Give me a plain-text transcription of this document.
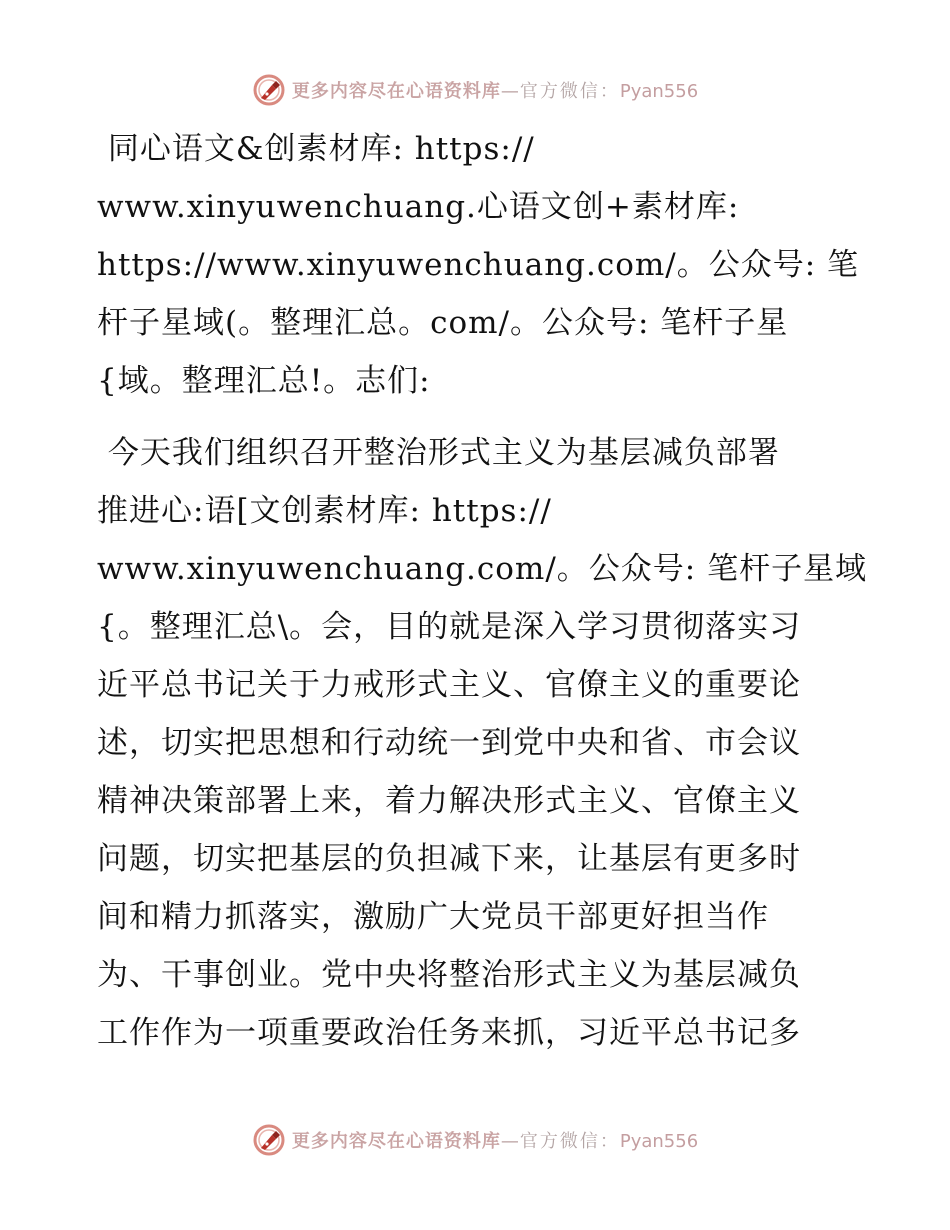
更多内容尽在心语资料库—官方微信：Pyan556
同心语文&创素材库: https://
www.xinyuwenchuang.心语文创+素材库:
https://www.xinyuwenchuang.com/。公众号: 笔
杆子星域(。整理汇总。com/。公众号: 笔杆子星
{域。整理汇总!。志们:
今天我们组织召开整治形式主义为基层减负部署
推进心:语[文创素材库: https://
www.xinyuwenchuang.com/。公众号: 笔杆子星域
{。整理汇总\。会，目的就是深入学习贯彻落实习
近平总书记关于力戒形式主义、官僚主义的重要论
述，切实把思想和行动统一到党中央和省、市会议
精神决策部署上来，着力解决形式主义、官僚主义
问题，切实把基层的负担减下来，让基层有更多时
间和精力抓落实，激励广大党员干部更好担当作
为、干事创业。党中央将整治形式主义为基层减负
工作作为一项重要政治任务来抓，习近平总书记多
更多内容尽在心语资料库—官方微信：Pyan556
